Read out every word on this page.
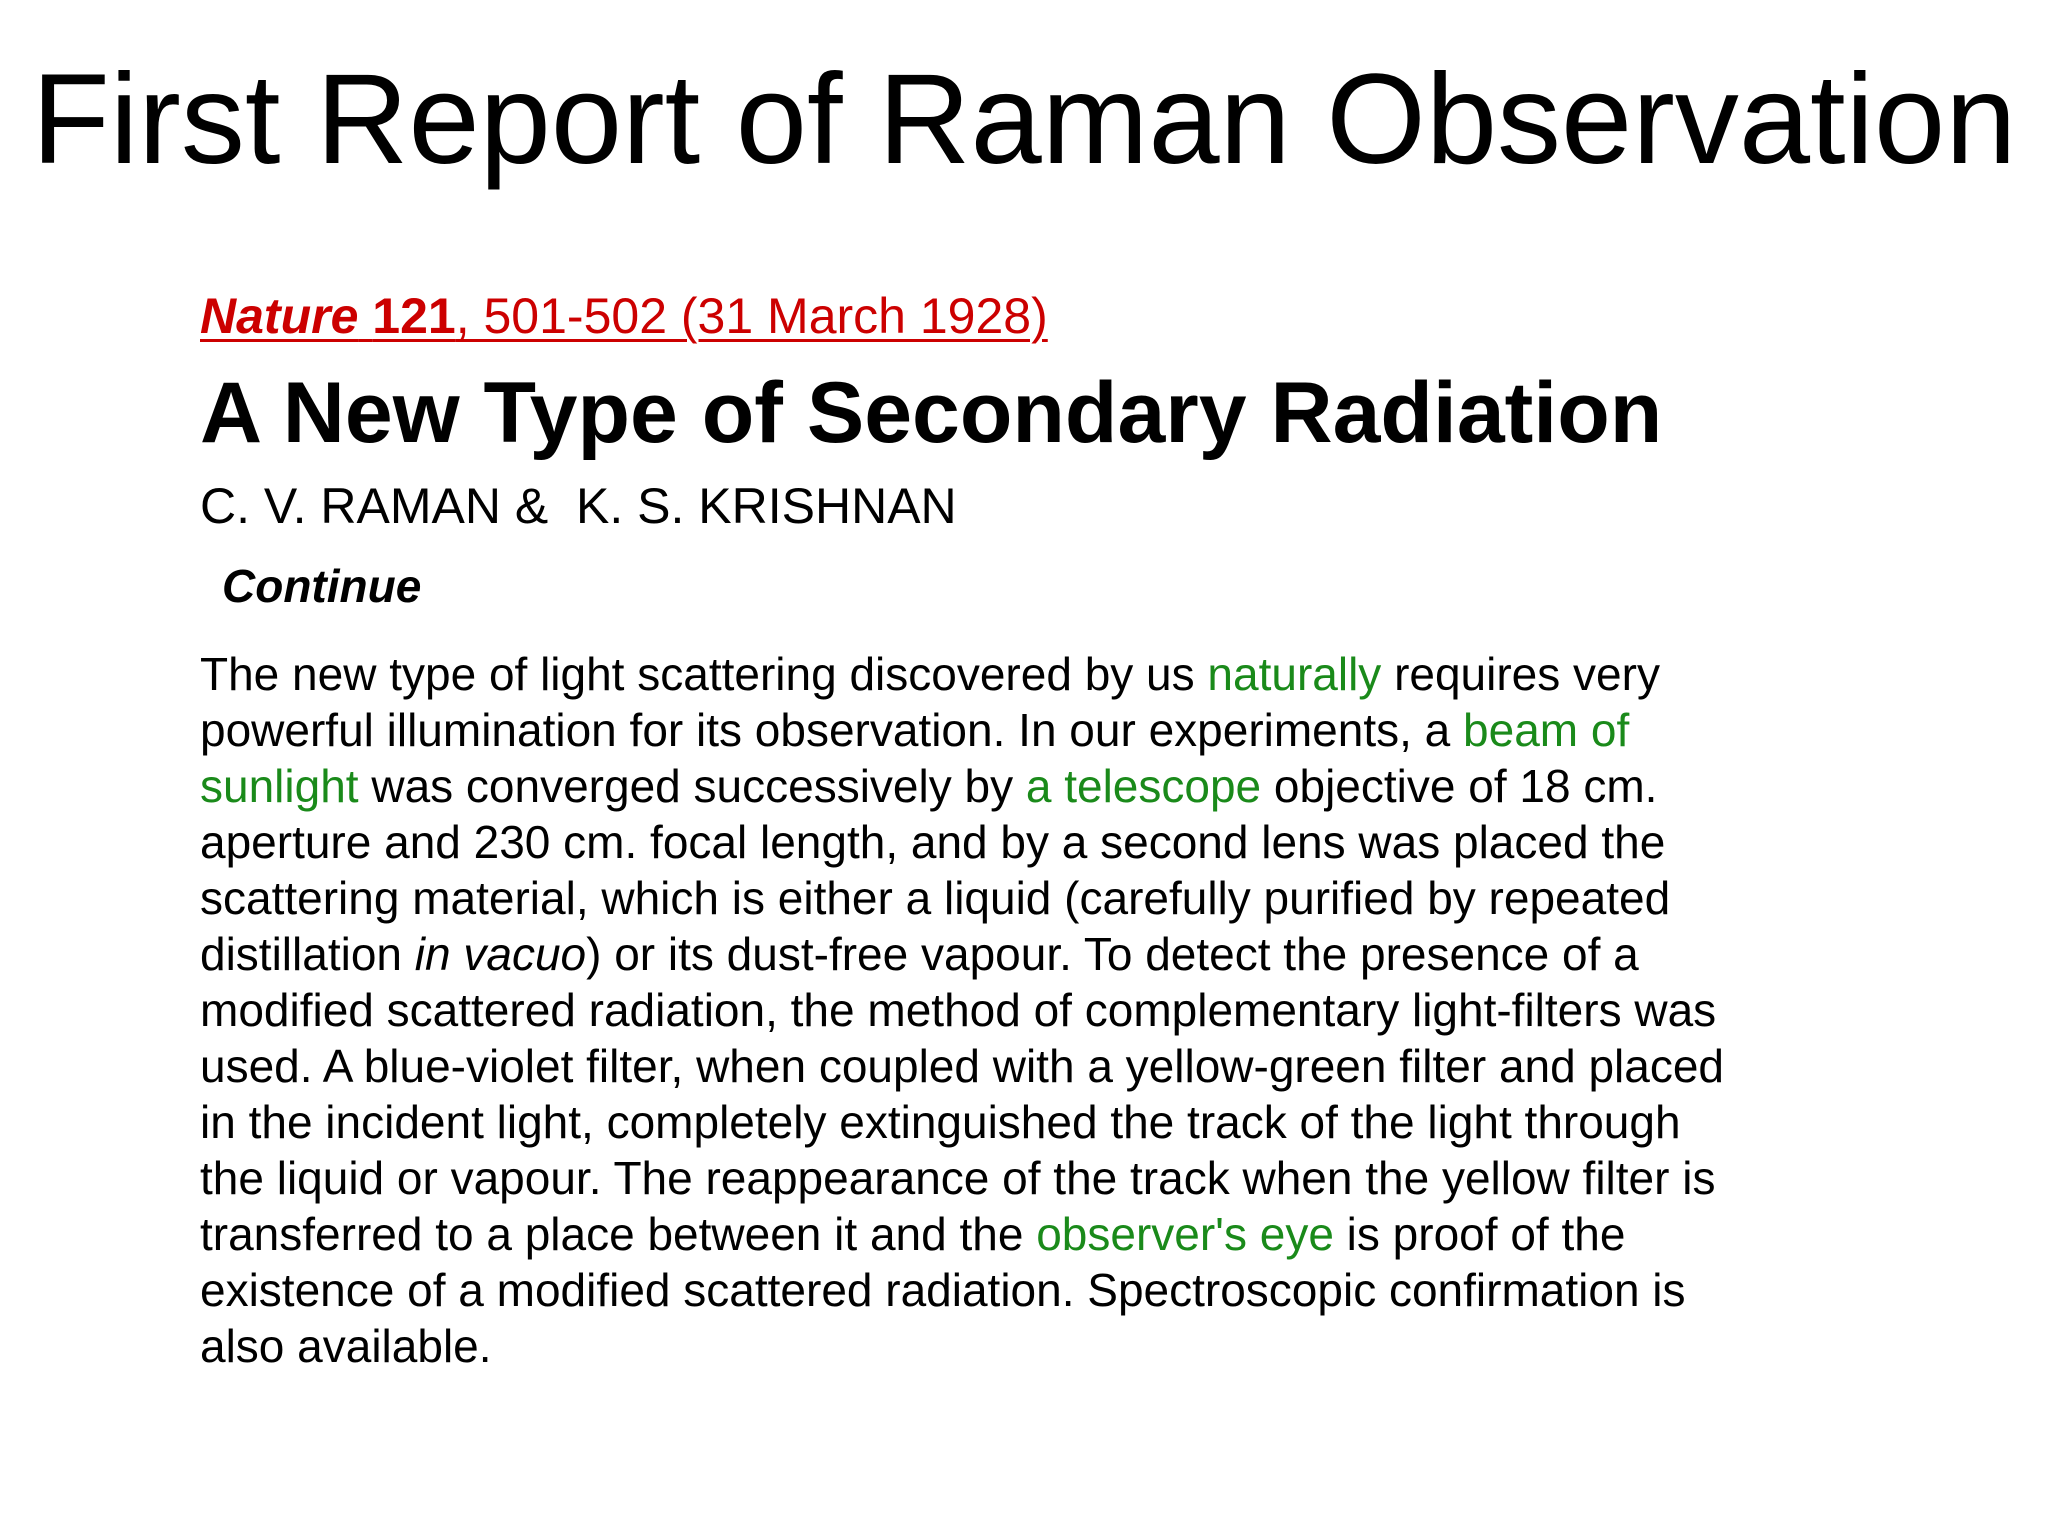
First Report of Raman Observation
Nature 121, 501-502 (31 March 1928)
A New Type of Secondary Radiation
C. V. RAMAN &  K. S. KRISHNAN
Continue
The new type of light scattering discovered by us naturally requires very
powerful illumination for its observation. In our experiments, a beam of
sunlight was converged successively by a telescope objective of 18 cm.
aperture and 230 cm. focal length, and by a second lens was placed the
scattering material, which is either a liquid (carefully purified by repeated
distillation in vacuo) or its dust-free vapour. To detect the presence of a
modified scattered radiation, the method of complementary light-filters was
used. A blue-violet filter, when coupled with a yellow-green filter and placed
in the incident light, completely extinguished the track of the light through
the liquid or vapour. The reappearance of the track when the yellow filter is
transferred to a place between it and the observer's eye is proof of the
existence of a modified scattered radiation. Spectroscopic confirmation is
also available.
